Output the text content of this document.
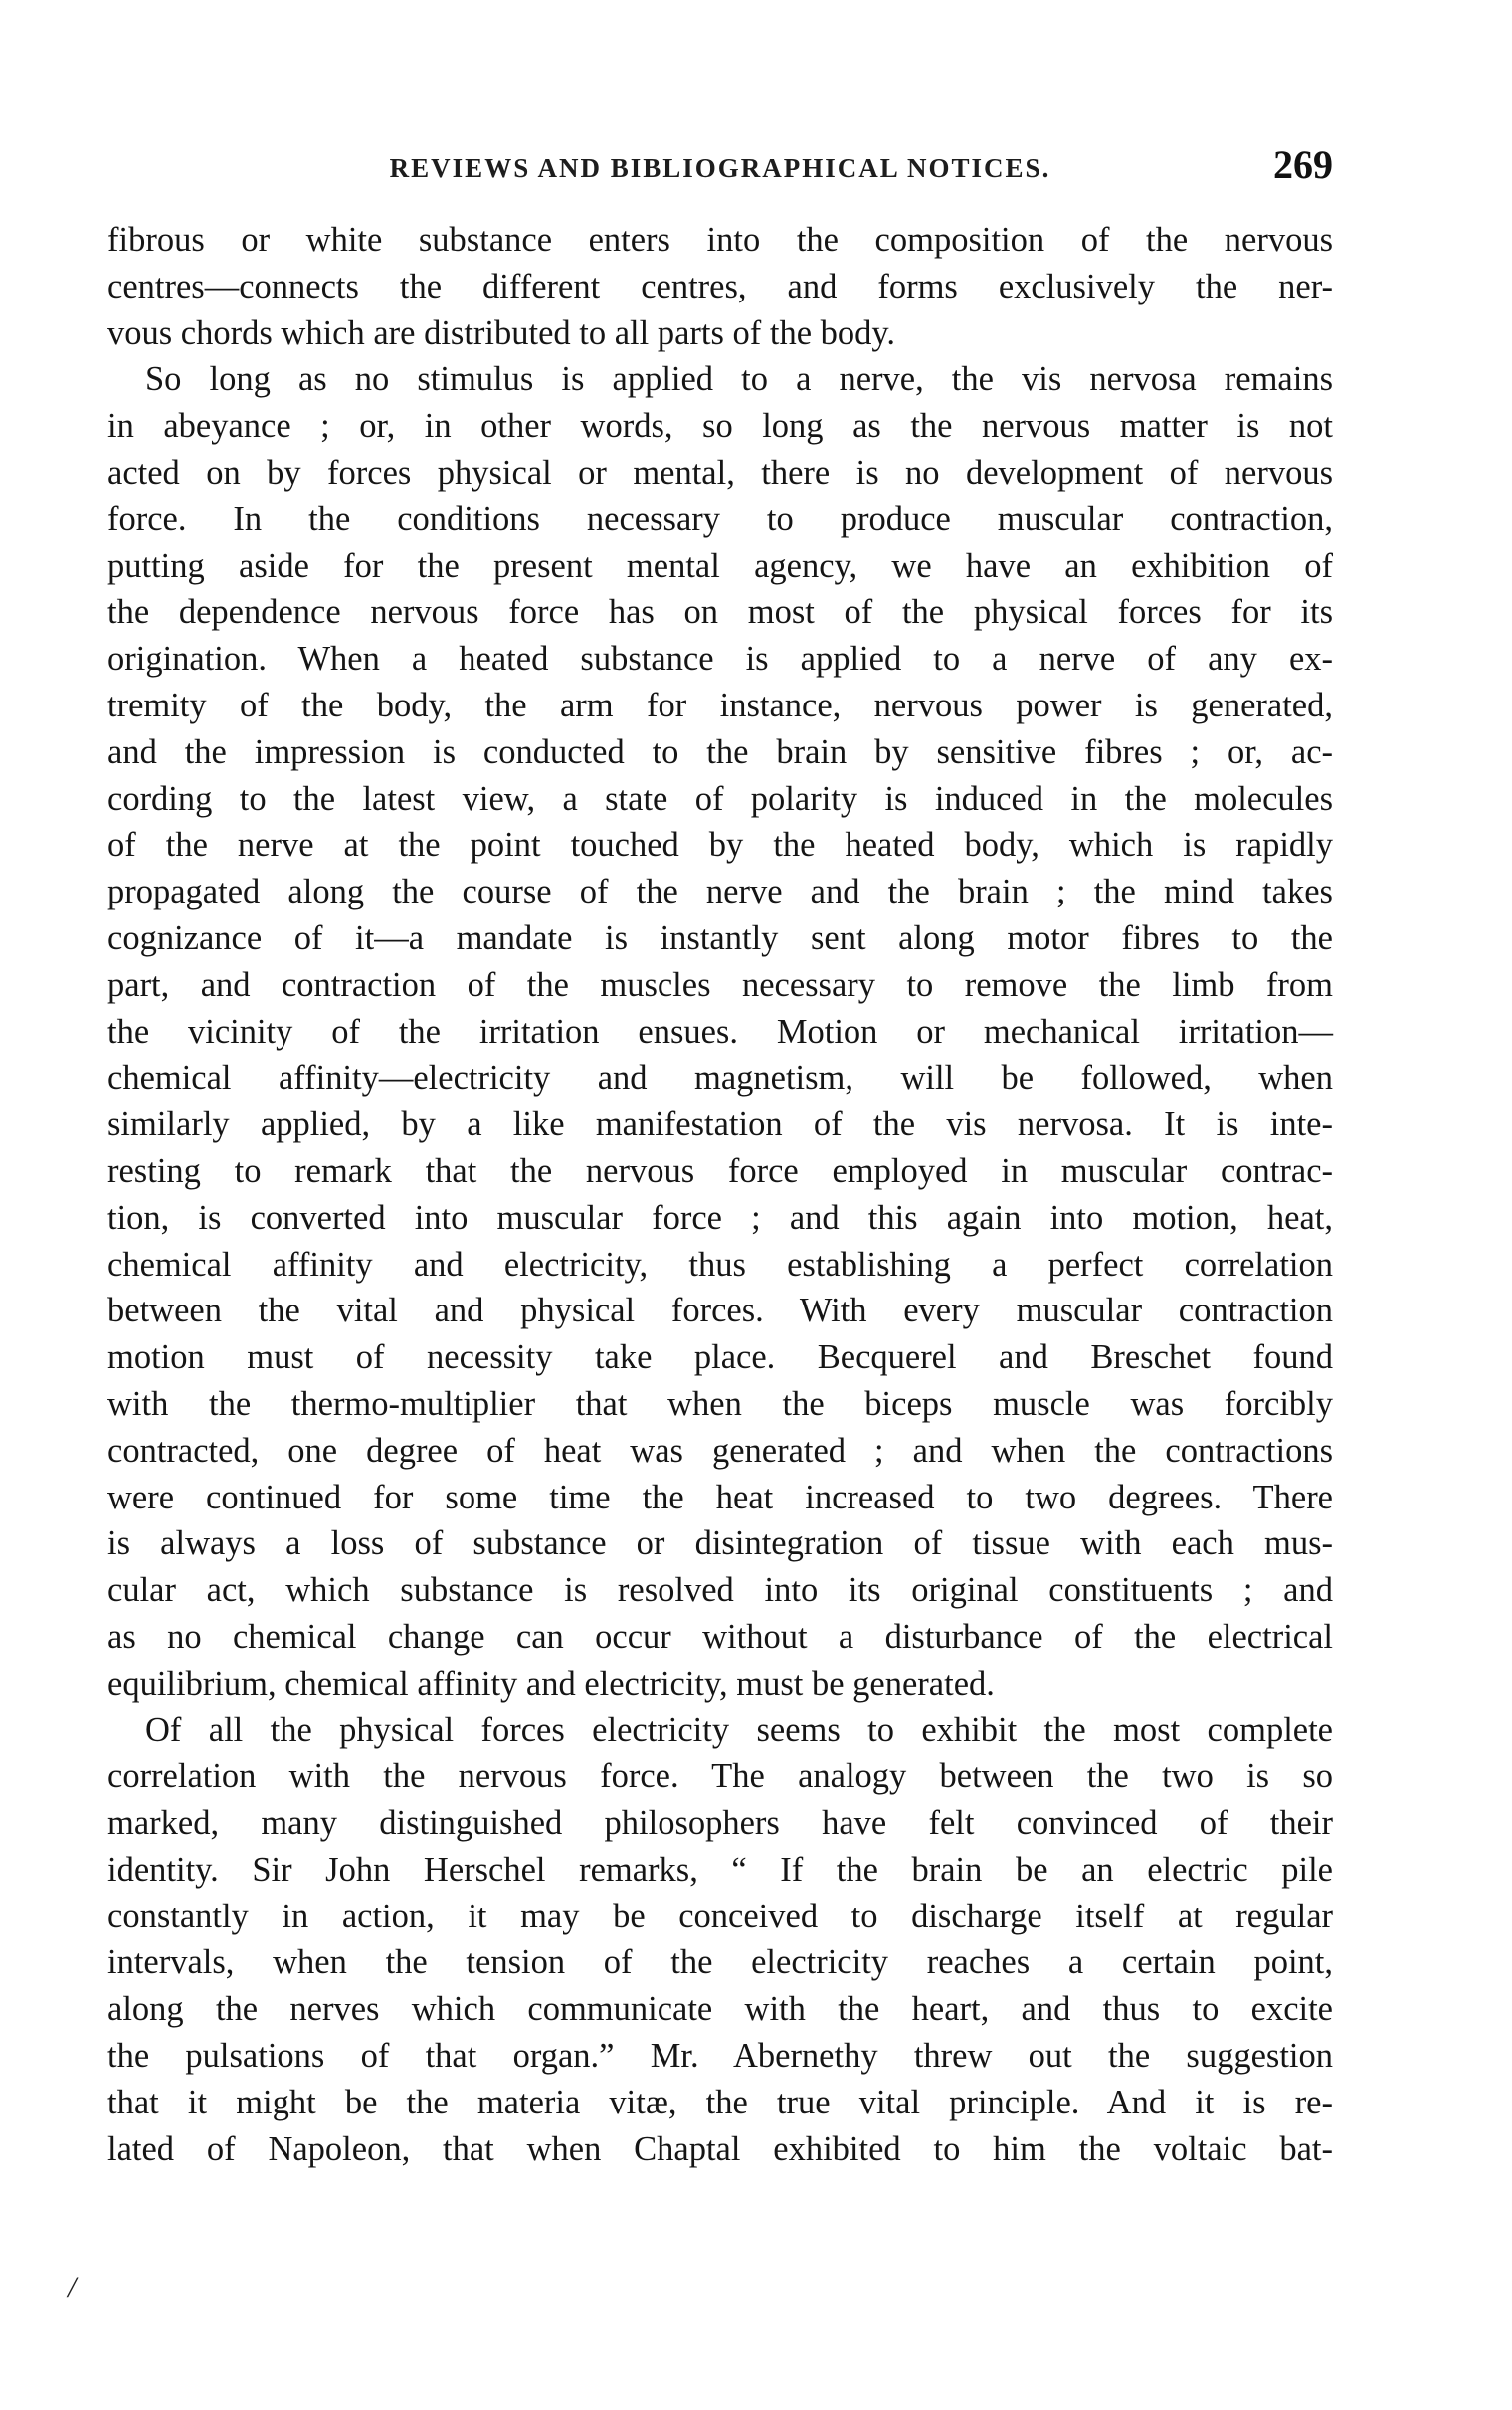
REVIEWS AND BIBLIOGRAPHICAL NOTICES.	269
fibrous or white substance enters into the composition of the nervous
centres—connects the different centres, and forms exclusively the ner-
vous chords which are distributed to all parts of the body.
So long as no stimulus is applied to a nerve, the vis nervosa remains
in abeyance ; or, in other words, so long as the nervous matter is not
acted on by forces physical or mental, there is no development of nervous
force. In the conditions necessary to produce muscular contraction,
putting aside for the present mental agency, we have an exhibition of
the dependence nervous force has on most of the physical forces for its
origination. When a heated substance is applied to a nerve of any ex-
tremity of the body, the arm for instance, nervous power is generated,
and the impression is conducted to the brain by sensitive fibres ; or, ac-
cording to the latest view, a state of polarity is induced in the molecules
of the nerve at the point touched by the heated body, which is rapidly
propagated along the course of the nerve and the brain ; the mind takes
cognizance of it—a mandate is instantly sent along motor fibres to the
part, and contraction of the muscles necessary to remove the limb from
the vicinity of the irritation ensues. Motion or mechanical irritation—
chemical affinity—electricity and magnetism, will be followed, when
similarly applied, by a like manifestation of the vis nervosa. It is inte-
resting to remark that the nervous force employed in muscular contrac-
tion, is converted into muscular force ; and this again into motion, heat,
chemical affinity and electricity, thus establishing a perfect correlation
between the vital and physical forces. With every muscular contraction
motion must of necessity take place. Becquerel and Breschet found
with the thermo-multiplier that when the biceps muscle was forcibly
contracted, one degree of heat was generated ; and when the contractions
were continued for some time the heat increased to two degrees. There
is always a loss of substance or disintegration of tissue with each mus-
cular act, which substance is resolved into its original constituents ; and
as no chemical change can occur without a disturbance of the electrical
equilibrium, chemical affinity and electricity, must be generated.
Of all the physical forces electricity seems to exhibit the most complete
correlation with the nervous force. The analogy between the two is so
marked, many distinguished philosophers have felt convinced of their
identity. Sir John Herschel remarks, “ If the brain be an electric pile
constantly in action, it may be conceived to discharge itself at regular
intervals, when the tension of the electricity reaches a certain point,
along the nerves which communicate with the heart, and thus to excite
the pulsations of that organ.” Mr. Abernethy threw out the suggestion
that it might be the materia vitæ, the true vital principle. And it is re-
lated of Napoleon, that when Chaptal exhibited to him the voltaic bat-
/
